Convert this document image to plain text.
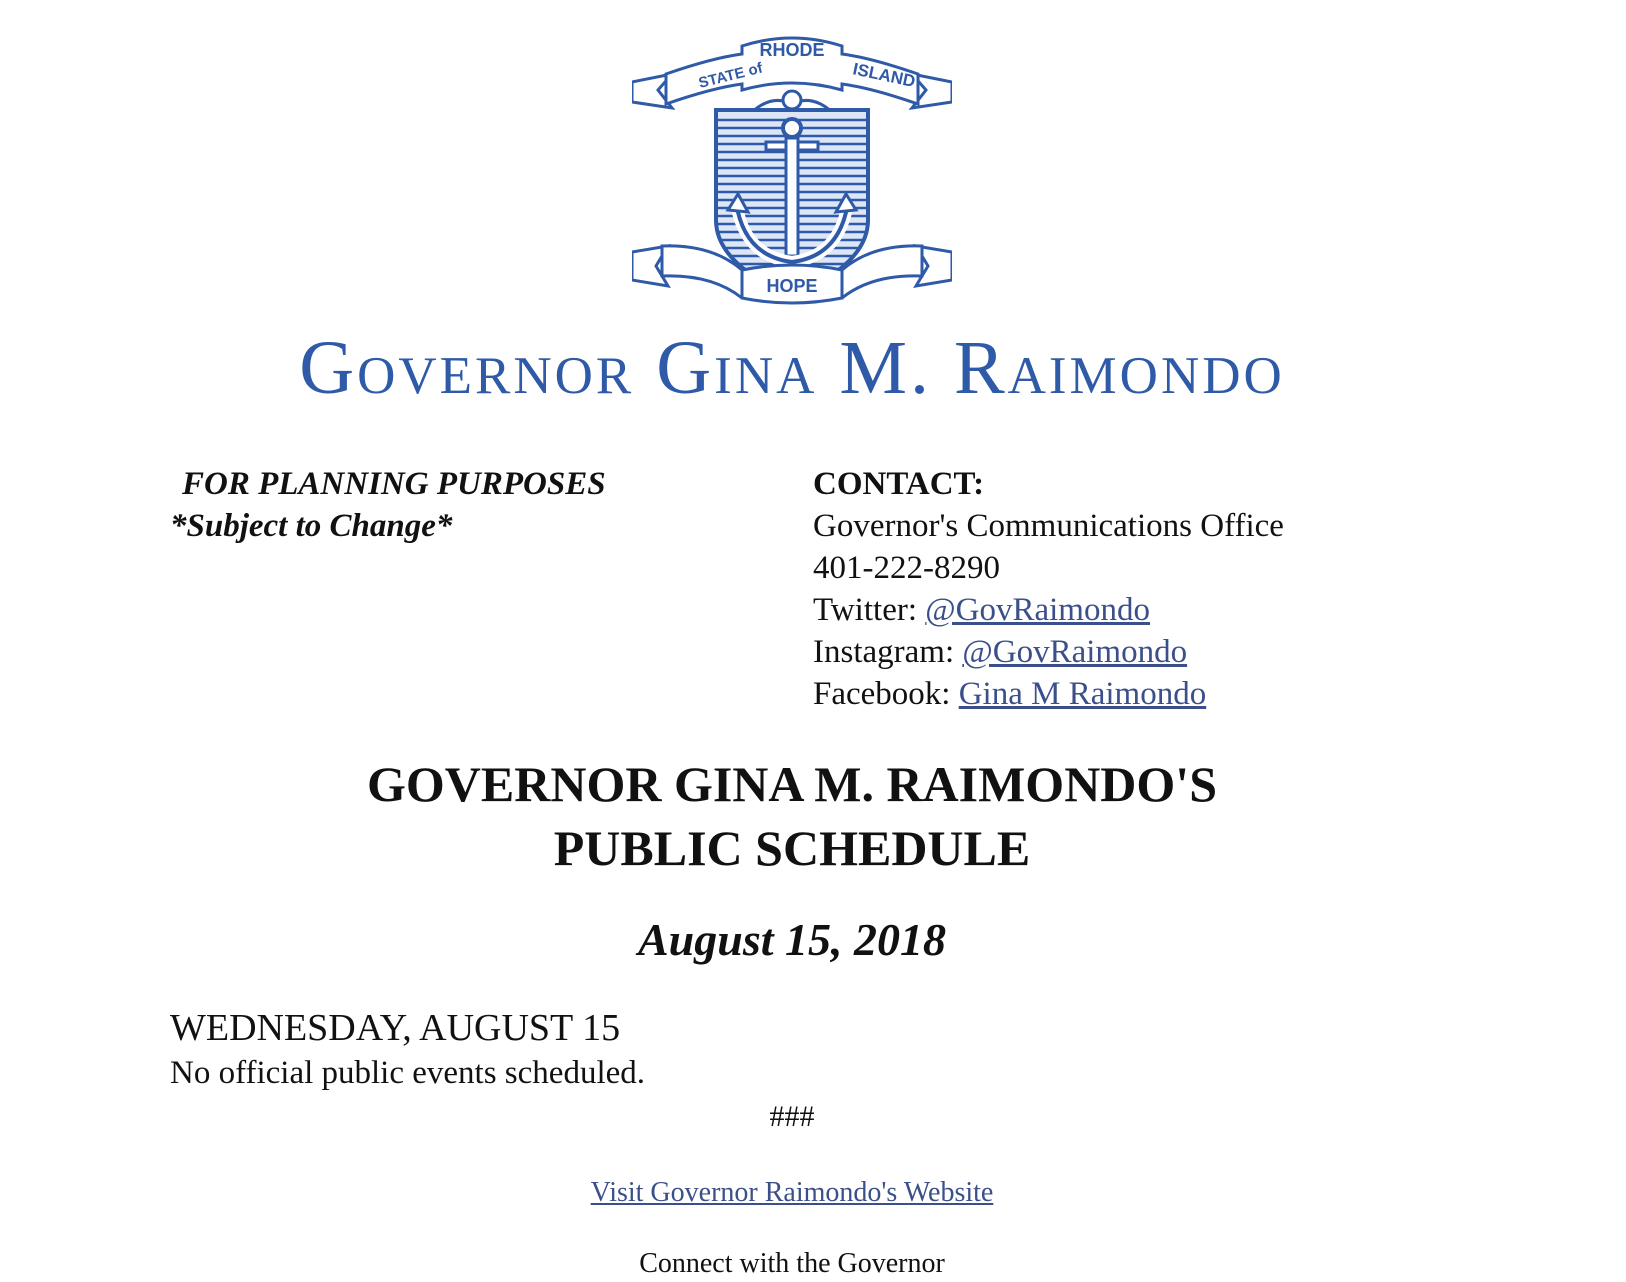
STATE of
RHODE
ISLAND
HOPE
Governor Gina M. Raimondo
FOR PLANNING PURPOSES
*Subject to Change*
CONTACT:
Governor's Communications Office
401-222-8290
Twitter: @GovRaimondo
Instagram: @GovRaimondo
Facebook: Gina M Raimondo
GOVERNOR GINA M. RAIMONDO'S
PUBLIC SCHEDULE
August 15, 2018
WEDNESDAY, AUGUST 15
No official public events scheduled.
###
Visit Governor Raimondo's Website
Connect with the Governor
